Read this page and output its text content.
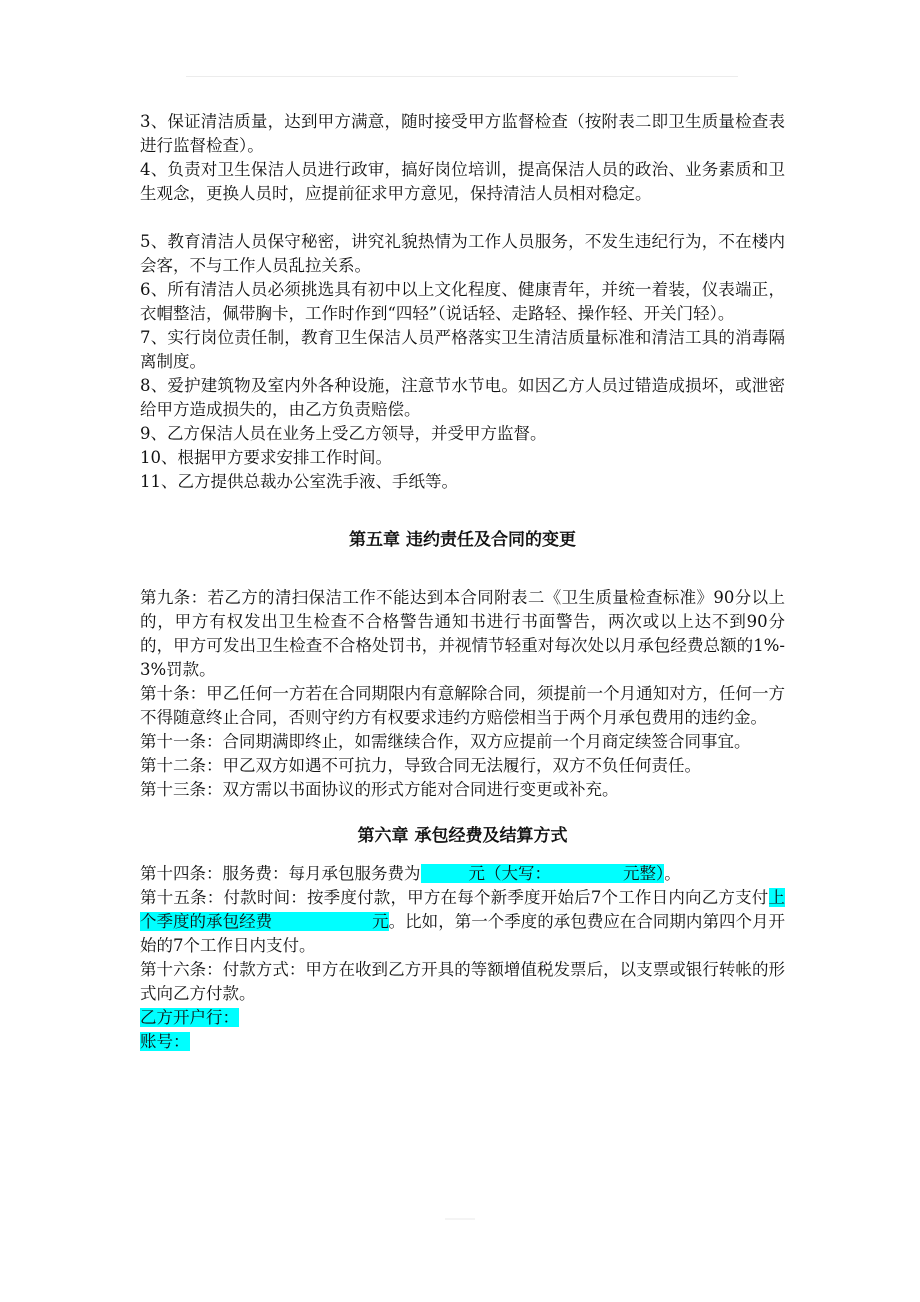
3、保证清洁质量，达到甲方满意，随时接受甲方监督检查（按附表二即卫生质量检查表进行监督检查）。

4、负责对卫生保洁人员进行政审，搞好岗位培训，提高保洁人员的政治、业务素质和卫生观念，更换人员时，应提前征求甲方意见，保持清洁人员相对稳定。

5、教育清洁人员保守秘密，讲究礼貌热情为工作人员服务，不发生违纪行为，不在楼内会客，不与工作人员乱拉关系。

6、所有清洁人员必须挑选具有初中以上文化程度、健康青年，并统一着装，仪表端正，衣帽整洁，佩带胸卡，工作时作到“四轻”（说话轻、走路轻、操作轻、开关门轻）。

7、实行岗位责任制，教育卫生保洁人员严格落实卫生清洁质量标准和清洁工具的消毒隔离制度。

8、爱护建筑物及室内外各种设施，注意节水节电。如因乙方人员过错造成损坏，或泄密给甲方造成损失的，由乙方负责赔偿。

9、乙方保洁人员在业务上受乙方领导，并受甲方监督。

10、根据甲方要求安排工作时间。

11、乙方提供总裁办公室洗手液、手纸等。

第五章 违约责任及合同的变更

第九条：若乙方的清扫保洁工作不能达到本合同附表二《卫生质量检查标准》90分以上的，甲方有权发出卫生检查不合格警告通知书进行书面警告，两次或以上达不到90分的，甲方可发出卫生检查不合格处罚书，并视情节轻重对每次处以月承包经费总额的1%-3%罚款。

第十条：甲乙任何一方若在合同期限内有意解除合同，须提前一个月通知对方，任何一方不得随意终止合同，否则守约方有权要求违约方赔偿相当于两个月承包费用的违约金。

第十一条：合同期满即终止，如需继续合作，双方应提前一个月商定续签合同事宜。

第十二条：甲乙双方如遇不可抗力，导致合同无法履行，双方不负任何责任。

第十三条：双方需以书面协议的形式方能对合同进行变更或补充。

第六章 承包经费及结算方式

第十四条：服务费：每月承包服务费为	元（大写：	元整）。

第十五条：付款时间：按季度付款，甲方在每个新季度开始后7个工作日内向乙方支付上个季度的承包经费	元。比如，第一个季度的承包费应在合同期内第四个月开始的7个工作日内支付。

第十六条：付款方式：甲方在收到乙方开具的等额增值税发票后，以支票或银行转帐的形式向乙方付款。

乙方开户行：

账号：
